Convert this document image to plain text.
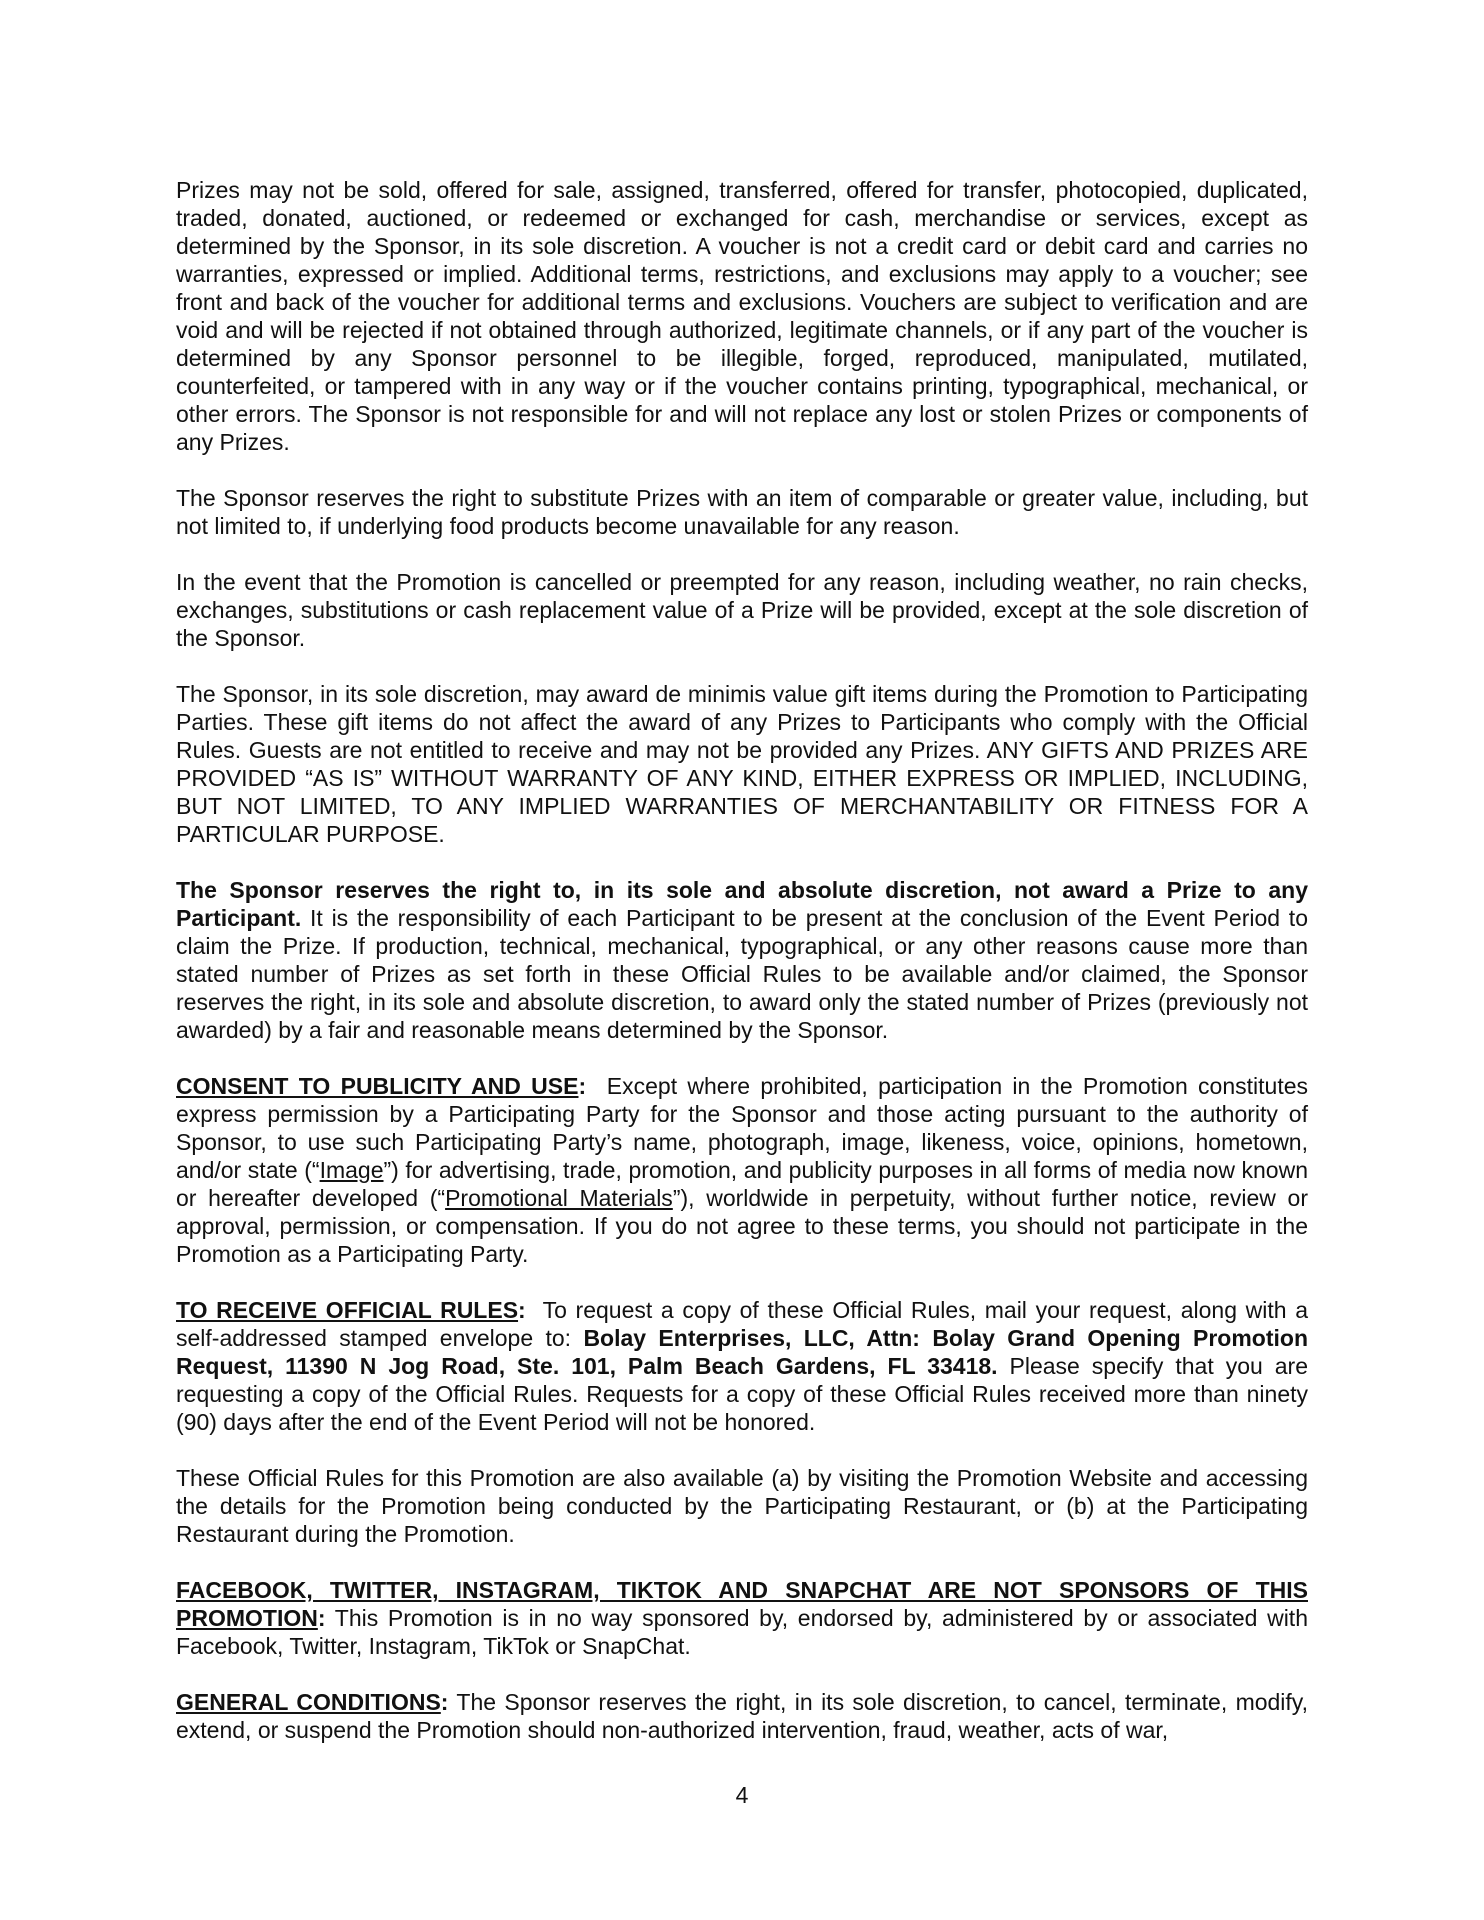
Prizes may not be sold, offered for sale, assigned, transferred, offered for transfer, photocopied, duplicated, traded, donated, auctioned, or redeemed or exchanged for cash, merchandise or services, except as determined by the Sponsor, in its sole discretion. A voucher is not a credit card or debit card and carries no warranties, expressed or implied. Additional terms, restrictions, and exclusions may apply to a voucher; see front and back of the voucher for additional terms and exclusions. Vouchers are subject to verification and are void and will be rejected if not obtained through authorized, legitimate channels, or if any part of the voucher is determined by any Sponsor personnel to be illegible, forged, reproduced, manipulated, mutilated, counterfeited, or tampered with in any way or if the voucher contains printing, typographical, mechanical, or other errors. The Sponsor is not responsible for and will not replace any lost or stolen Prizes or components of any Prizes.

The Sponsor reserves the right to substitute Prizes with an item of comparable or greater value, including, but not limited to, if underlying food products become unavailable for any reason.

In the event that the Promotion is cancelled or preempted for any reason, including weather, no rain checks, exchanges, substitutions or cash replacement value of a Prize will be provided, except at the sole discretion of the Sponsor.

The Sponsor, in its sole discretion, may award de minimis value gift items during the Promotion to Participating Parties. These gift items do not affect the award of any Prizes to Participants who comply with the Official Rules. Guests are not entitled to receive and may not be provided any Prizes. ANY GIFTS AND PRIZES ARE PROVIDED “AS IS” WITHOUT WARRANTY OF ANY KIND, EITHER EXPRESS OR IMPLIED, INCLUDING, BUT NOT LIMITED, TO ANY IMPLIED WARRANTIES OF MERCHANTABILITY OR FITNESS FOR A PARTICULAR PURPOSE.

The Sponsor reserves the right to, in its sole and absolute discretion, not award a Prize to any Participant. It is the responsibility of each Participant to be present at the conclusion of the Event Period to claim the Prize. If production, technical, mechanical, typographical, or any other reasons cause more than stated number of Prizes as set forth in these Official Rules to be available and/or claimed, the Sponsor reserves the right, in its sole and absolute discretion, to award only the stated number of Prizes (previously not awarded) by a fair and reasonable means determined by the Sponsor.

CONSENT TO PUBLICITY AND USE:  Except where prohibited, participation in the Promotion constitutes express permission by a Participating Party for the Sponsor and those acting pursuant to the authority of Sponsor, to use such Participating Party’s name, photograph, image, likeness, voice, opinions, hometown, and/or state (“Image”) for advertising, trade, promotion, and publicity purposes in all forms of media now known or hereafter developed (“Promotional Materials”), worldwide in perpetuity, without further notice, review or approval, permission, or compensation. If you do not agree to these terms, you should not participate in the Promotion as a Participating Party.

TO RECEIVE OFFICIAL RULES:  To request a copy of these Official Rules, mail your request, along with a self-addressed stamped envelope to: Bolay Enterprises, LLC, Attn: Bolay Grand Opening Promotion Request, 11390 N Jog Road, Ste. 101, Palm Beach Gardens, FL 33418. Please specify that you are requesting a copy of the Official Rules. Requests for a copy of these Official Rules received more than ninety (90) days after the end of the Event Period will not be honored.

These Official Rules for this Promotion are also available (a) by visiting the Promotion Website and accessing the details for the Promotion being conducted by the Participating Restaurant, or (b) at the Participating Restaurant during the Promotion.

FACEBOOK, TWITTER, INSTAGRAM, TIKTOK AND SNAPCHAT ARE NOT SPONSORS OF THIS PROMOTION: This Promotion is in no way sponsored by, endorsed by, administered by or associated with Facebook, Twitter, Instagram, TikTok or SnapChat.

GENERAL CONDITIONS: The Sponsor reserves the right, in its sole discretion, to cancel, terminate, modify, extend, or suspend the Promotion should non-authorized intervention, fraud, weather, acts of war,

4
